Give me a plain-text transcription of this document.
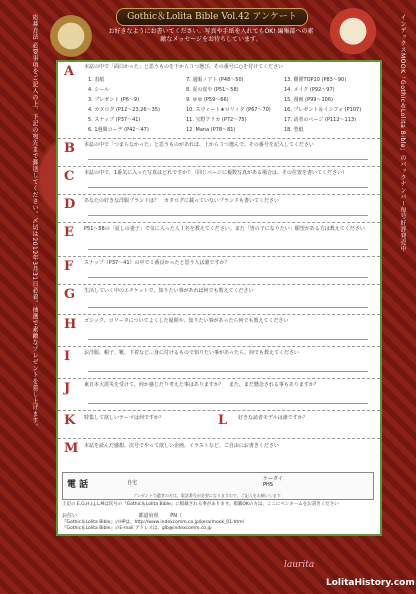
応募方法 必要事項をご記入の上、下記の宛先まで郵送してください。〆切は2012年3月31日必着。抽選で素敵なプレゼントを差し上げます。	インデックスMOOK「Gothic＆Lolita Bible」のバックナンバー毎号好評発売中
Gothic＆Lolita Bible Vol.42 アンケート
お好きなようにお書いてください。写真や手紙を入れてもOK! 編集部への素敵なメッセージをお待ちしています。
A 本誌の中で「面白かった」と思うものを下から３つ選び、その番号に○を付けてください
1. 表紙	7. 通販ノアト (P48〜50)	13. 難関TOP10 (P83〜90)
4. シール	8. 夏の皮や (P51〜58)	14. メイク (P92〜97)
3. プレゼント (P6〜9)	9. ゆゆ (P59〜66)	15. 漫画 (P99〜106)
4. カタログ (P12〜23,26〜35)	10. スウィート★ロリィタ (P67〜70)	16. プレゼント＆インフォ (P107)
5. スナップ (P37〜41)	11. 宝野アリカ (P72〜75)	17. 読者のページ (P112〜113)
6. 1週間コーデ (P42〜47)	12. Mana (P78〜81)	18. 型紙
B 本誌の中で「つまらなかった」と思うものがあれば、上から３つ選んで、その番号を記入してください
C 本誌の中で、1番気に入った写真はどれですか？（同じページに複数写真がある場合は、その位置を書いてください）
D あなたの好きな洋服ブランドは？　カタログに載っていないブランドも書いてください
E P51〜58の「夏しの妻子」で気に入った人１名を教えてください。また「男の子になりたい」願望がある方は教えてください
F スナップ（P37〜41）の中で１番良かったと思う人は誰ですか？
G 生活していく中のエチケットで、知りたい事があれば何でも教えてください
H ゴシック、ロリータについてよくした疑問や、知りたい事があったら何でも教えてください
I	お洋服、帽子、靴、下着など…身に付けるもので知りたい事があったら、何でも教えてください
J	東日本大震災を受けて、何か感じたり考えた事はありますか？　また、まだ懸念される事もありますか？
K 特集して欲しいテーマは何ですか？	L 好きな読者モデルは誰ですか？
M 本誌を読んだ感想、次号でやって欲しい企画、イラストなど、ご自由にお書きください
電 話	自宅
ケータイ
PHS
プレゼント当選者の方は、電話番号が必要になりますので、ご記入をお願いします
上記の E,G,H,I,J,L,Mは次号の『Gothic＆Lolita Bible』に掲載される事があります。掲載OKの方は、ここにペンネームをお書きください
お住い	都道府県 PN（
『Gothic＆Lolita Bible』のHPは、http://www.indexcomm.co.jp/kera/mook_01.html
『Gothic＆Lolita Bible』のE-mail アドレスは、glb@indexcomm.co.jp
laurita
LolitaHistory.com
